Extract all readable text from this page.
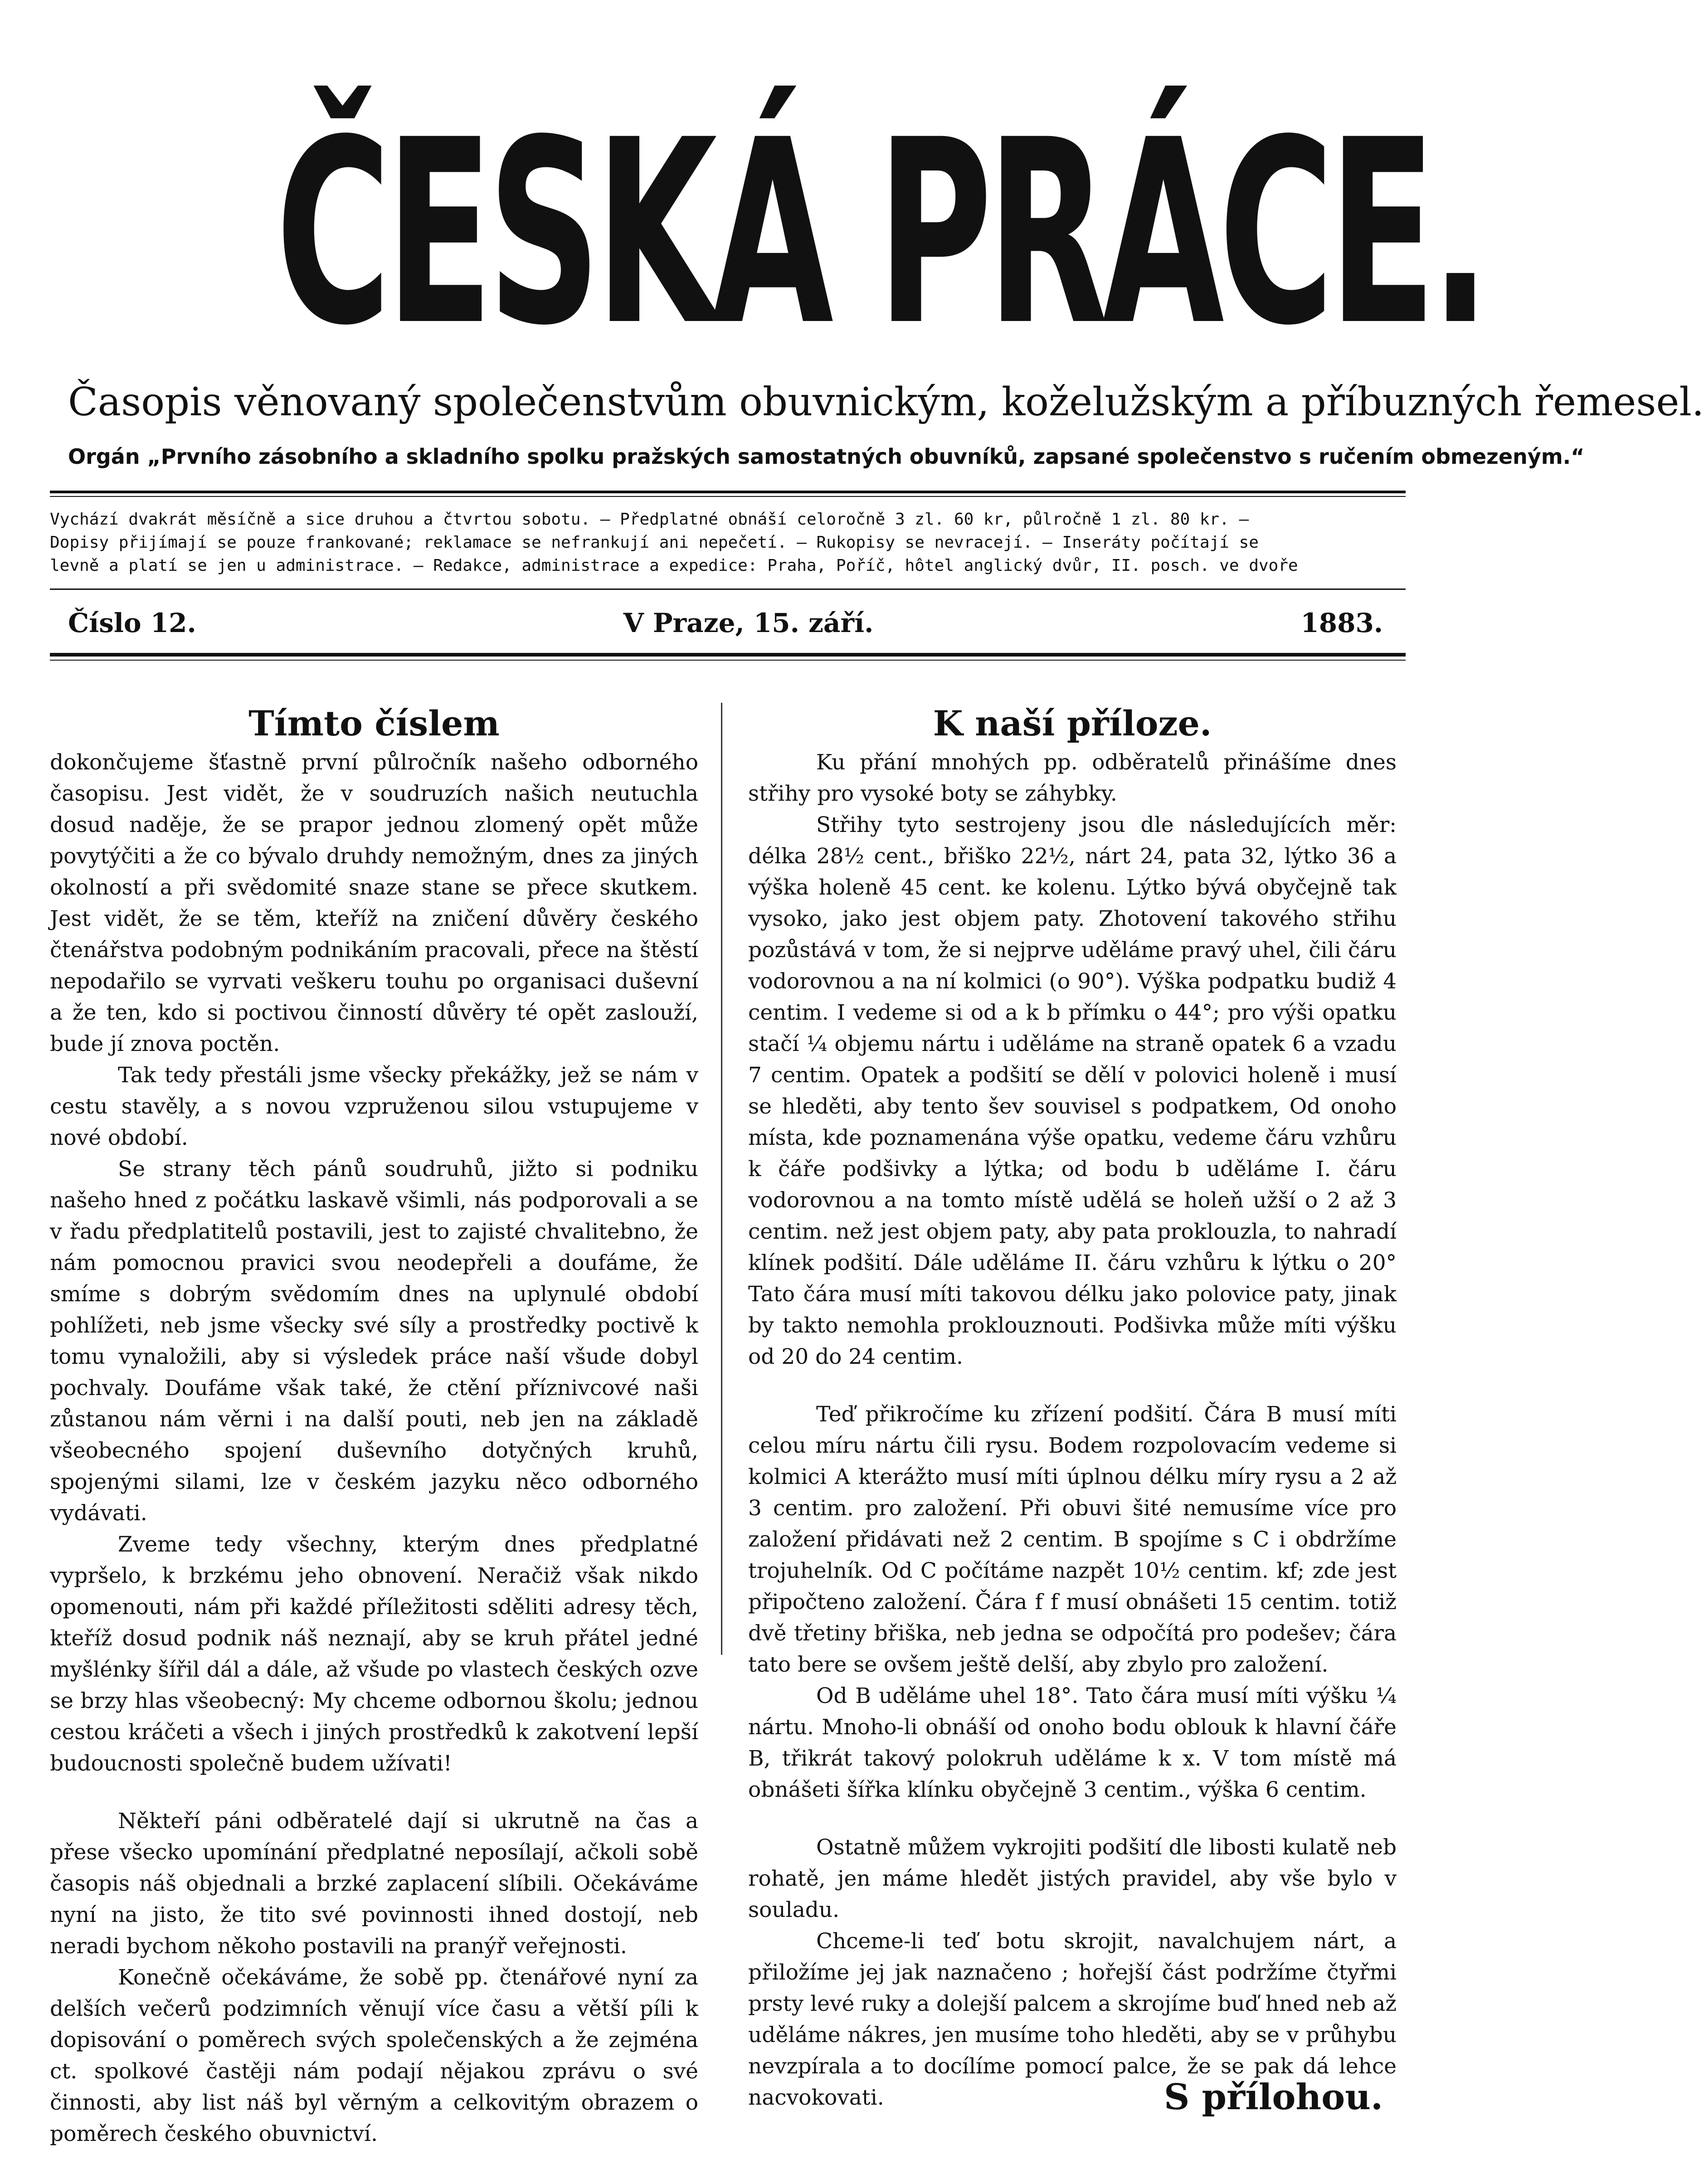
ČESKÁ PRÁCE.
Časopis věnovaný společenstvům obuvnickým, koželužským a příbuzných řemesel.
Orgán „Prvního zásobního a skladního spolku pražských samostatných obuvníků, zapsané společenstvo s ručením obmezeným.“

Vychází dvakrát měsíčně a sice druhou a čtvrtou sobotu. — Předplatné obnáší celoročně 3 zl. 60 kr, půlročně 1 zl. 80 kr. —

Dopisy přijímají se pouze frankované; reklamace se nefrankují ani nepečetí. — Rukopisy se nevracejí. — Inseráty počítají se

levně a platí se jen u administrace. — Redakce, administrace a expedice: Praha, Poříč, hôtel anglický dvůr, II. posch. ve dvoře

Číslo 12.	V Praze, 15. září.	1883.
Tímto číslem

dokončujeme šťastně první půlročník našeho odborného časopisu. Jest vidět, že v soudruzích našich neutuchla dosud naděje, že se prapor jednou zlomený opět může povytýčiti a že co bývalo druhdy nemožným, dnes za jiných okolností a při svědomité snaze stane se přece skutkem. Jest vidět, že se těm, kteříž na zničení důvěry českého čtenářstva podobným podnikáním pracovali, přece na štěstí nepodařilo se vyrvati veškeru touhu po organisaci duševní a že ten, kdo si poctivou činností důvěry té opět zaslouží, bude jí znova poctěn.

Tak tedy přestáli jsme všecky překážky, jež se nám v cestu stavěly, a s novou vzpruženou silou vstupujeme v nové období.

Se strany těch pánů soudruhů, jižto si podniku našeho hned z počátku laskavě všimli, nás podporovali a se v řadu předplatitelů postavili, jest to zajisté chvalitebno, že nám pomocnou pravici svou neodepřeli a doufáme, že smíme s dobrým svědomím dnes na uplynulé období pohlížeti, neb jsme všecky své síly a prostředky poctivě k tomu vynaložili, aby si výsledek práce naší všude dobyl pochvaly. Doufáme však také, že ctění příznivcové naši zůstanou nám věrni i na další pouti, neb jen na základě všeobecného spojení duševního dotyčných kruhů, spojenými silami, lze v českém jazyku něco odborného vydávati.

Zveme tedy všechny, kterým dnes předplatné vypršelo, k brzkému jeho obnovení. Neračiž však nikdo opomenouti, nám při každé příležitosti sděliti adresy těch, kteříž dosud podnik náš neznají, aby se kruh přátel jedné myšlénky šířil dál a dále, až všude po vlastech českých ozve se brzy hlas všeobecný: My chceme odbornou školu; jednou cestou kráčeti a všech i jiných prostředků k zakotvení lepší budoucnosti společně budem užívati!

Někteří páni odběratelé dají si ukrutně na čas a přese všecko upomínání předplatné neposílají, ačkoli sobě časopis náš objednali a brzké zaplacení slíbili. Očekáváme nyní na jisto, že tito své povinnosti ihned dostojí, neb neradi bychom někoho postavili na pranýř veřejnosti.

Konečně očekáváme, že sobě pp. čtenářové nyní za delších večerů podzimních věnují více času a větší píli k dopisování o poměrech svých společenských a že zejména ct. spolkové častěji nám podají nějakou zprávu o své činnosti, aby list náš byl věrným a celkovitým obrazem o poměrech českého obuvnictví.

K naší příloze.

Ku přání mnohých pp. odběratelů přinášíme dnes střihy pro vysoké boty se záhybky.

Střihy tyto sestrojeny jsou dle následujících měr: délka 28½ cent., břiško 22½, nárt 24, pata 32, lýtko 36 a výška holeně 45 cent. ke kolenu. Lýtko bývá obyčejně tak vysoko, jako jest objem paty. Zhotovení takového střihu pozůstává v tom, že si nejprve uděláme pravý uhel, čili čáru vodorovnou a na ní kolmici (o 90°). Výška podpatku budiž 4 centim. I vedeme si od a k b přímku o 44°; pro výši opatku stačí ¼ objemu nártu i uděláme na straně opatek 6 a vzadu 7 centim. Opatek a podšití se dělí v polovici holeně i musí se hleděti, aby tento šev souvisel s podpatkem, Od onoho místa, kde poznamenána výše opatku, vedeme čáru vzhůru k čáře podšivky a lýtka; od bodu b uděláme I. čáru vodorovnou a na tomto místě udělá se holeň užší o 2 až 3 centim. než jest objem paty, aby pata proklouzla, to nahradí klínek podšití. Dále uděláme II. čáru vzhůru k lýtku o 20° Tato čára musí míti takovou délku jako polovice paty, jinak by takto nemohla proklouznouti. Podšivka může míti výšku od 20 do 24 centim.

Teď přikročíme ku zřízení podšití. Čára B musí míti celou míru nártu čili rysu. Bodem rozpolovacím vedeme si kolmici A kterážto musí míti úplnou délku míry rysu a 2 až 3 centim. pro založení. Při obuvi šité nemusíme více pro založení přidávati než 2 centim. B spojíme s C i obdržíme trojuhelník. Od C počítáme nazpět 10½ centim. kf; zde jest připočteno založení. Čára f f musí obnášeti 15 centim. totiž dvě třetiny břiška, neb jedna se odpočítá pro podešev; čára tato bere se ovšem ještě delší, aby zbylo pro založení.

Od B uděláme uhel 18°. Tato čára musí míti výšku ¼ nártu. Mnoho-li obnáší od onoho bodu oblouk k hlavní čáře B, třikrát takový polokruh uděláme k x. V tom místě má obnášeti šířka klínku obyčejně 3 centim., výška 6 centim.

Ostatně můžem vykrojiti podšití dle libosti kulatě neb rohatě, jen máme hledět jistých pravidel, aby vše bylo v souladu.

Chceme-li teď botu skrojit, navalchujem nárt, a přiložíme jej jak naznačeno ; hořejší část podržíme čtyřmi prsty levé ruky a dolejší palcem a skrojíme buď hned neb až uděláme nákres, jen musíme toho hleděti, aby se v průhybu nevzpírala a to docílíme pomocí palce, že se pak dá lehce nacvokovati.	S přílohou.
